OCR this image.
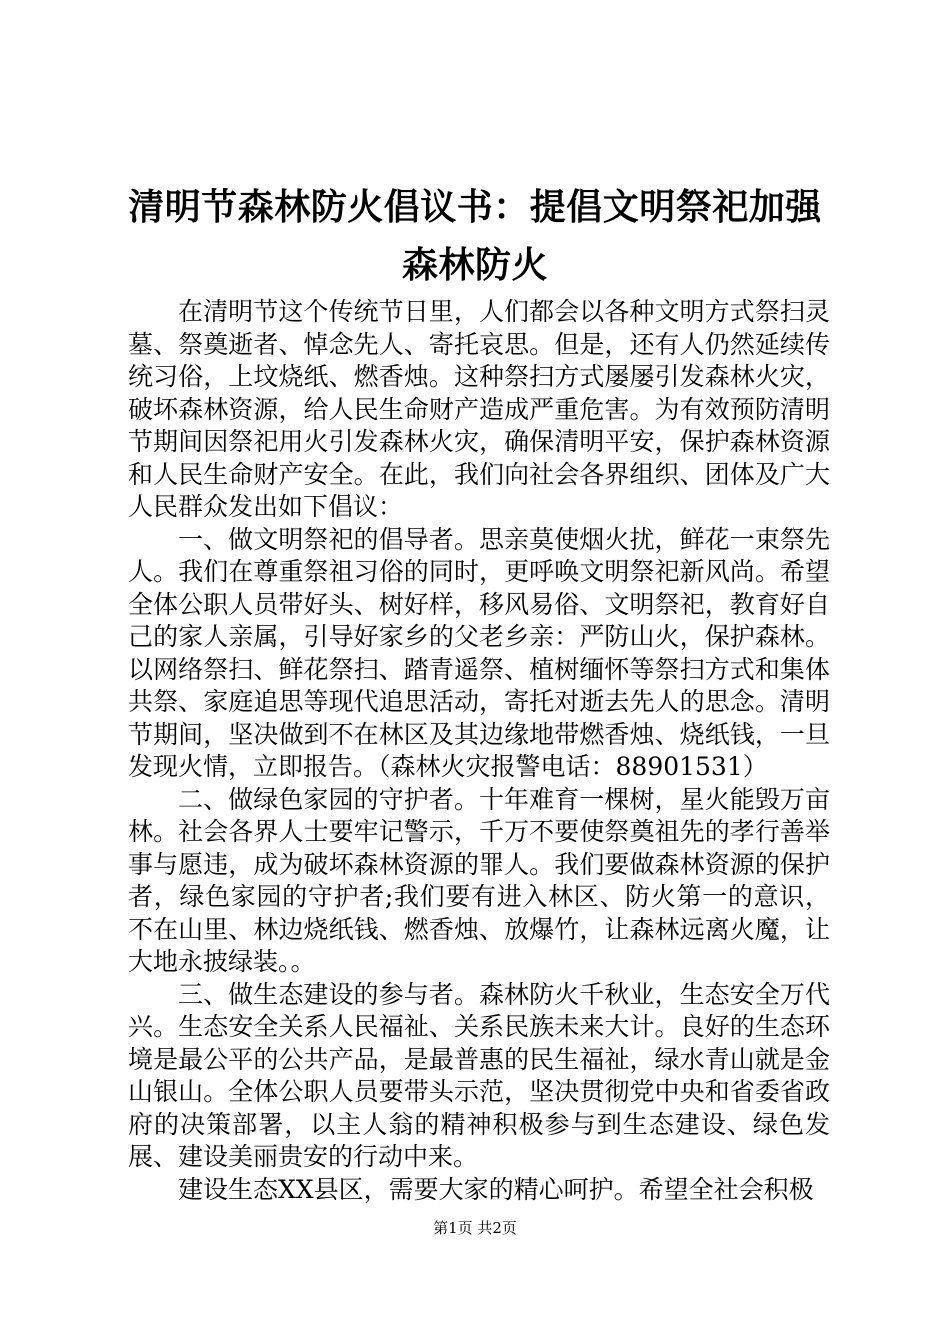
清明节森林防火倡议书：提倡文明祭祀加强森林防火

在清明节这个传统节日里，人们都会以各种文明方式祭扫灵墓、祭奠逝者、悼念先人、寄托哀思。但是，还有人仍然延续传统习俗，上坟烧纸、燃香烛。这种祭扫方式屡屡引发森林火灾，破坏森林资源，给人民生命财产造成严重危害。为有效预防清明节期间因祭祀用火引发森林火灾，确保清明平安，保护森林资源和人民生命财产安全。在此，我们向社会各界组织、团体及广大人民群众发出如下倡议：

一、做文明祭祀的倡导者。思亲莫使烟火扰，鲜花一束祭先人。我们在尊重祭祖习俗的同时，更呼唤文明祭祀新风尚。希望全体公职人员带好头、树好样，移风易俗、文明祭祀，教育好自己的家人亲属，引导好家乡的父老乡亲：严防山火，保护森林。以网络祭扫、鲜花祭扫、踏青遥祭、植树缅怀等祭扫方式和集体共祭、家庭追思等现代追思活动，寄托对逝去先人的思念。清明节期间，坚决做到不在林区及其边缘地带燃香烛、烧纸钱，一旦发现火情，立即报告。（森林火灾报警电话：88901531）

二、做绿色家园的守护者。十年难育一棵树，星火能毁万亩林。社会各界人士要牢记警示，千万不要使祭奠祖先的孝行善举事与愿违，成为破坏森林资源的罪人。我们要做森林资源的保护者，绿色家园的守护者;我们要有进入林区、防火第一的意识，不在山里、林边烧纸钱、燃香烛、放爆竹，让森林远离火魔，让大地永披绿装。。

三、做生态建设的参与者。森林防火千秋业，生态安全万代兴。生态安全关系人民福祉、关系民族未来大计。良好的生态环境是最公平的公共产品，是最普惠的民生福祉，绿水青山就是金山银山。全体公职人员要带头示范，坚决贯彻党中央和省委省政府的决策部署，以主人翁的精神积极参与到生态建设、绿色发展、建设美丽贵安的行动中来。

建设生态XX县区，需要大家的精心呵护。希望全社会积极

第1页 共2页
